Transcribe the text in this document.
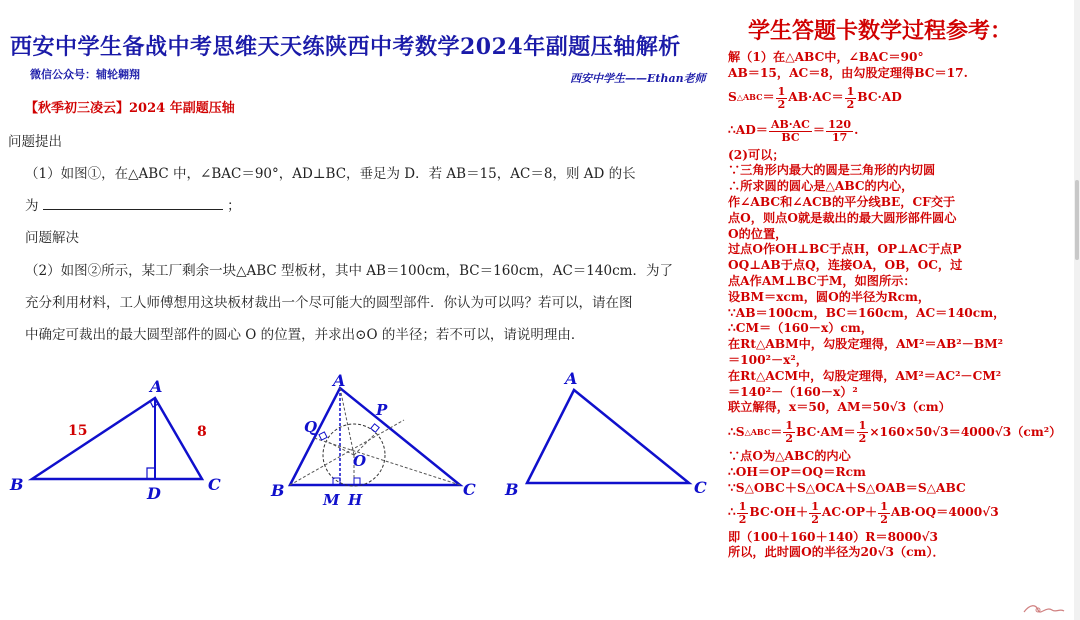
西安中学生备战中考思维天天练陕西中考数学2024年副题压轴解析
微信公众号：辅轮翱翔	西安中学生——Ethan老师
【秋季初三凌云】2024 年副题压轴
问题提出
（1）如图①，在△ABC 中，∠BAC＝90°，AD⊥BC，垂足为 D．若 AB＝15，AC＝8，则 AD 的长
为	；
问题解决
（2）如图②所示，某工厂剩余一块△ABC 型板材，其中 AB＝100cm，BC＝160cm，AC＝140cm．为了
充分利用材料，工人师傅想用这块板材裁出一个尽可能大的圆型部件．你认为可以吗？若可以，请在图
中确定可裁出的最大圆型部件的圆心 O 的位置，并求出⊙O 的半径；若不可以，请说明理由．
A
B	C
D
15	8
A
B	C
O
P
Q
M H
A
B	C
学生答题卡数学过程参考：
解（1）在△ABC中，∠BAC＝90°
AB＝15，AC＝8，由勾股定理得BC＝17.
S △ABC ＝ $\frac{1}{2} AB\cdot AC= \frac{1}{2} BC\cdot AD$
∴AD＝ $\frac{AB\cdot AC}{BC} = \frac{120}{17}$ .
(2)可以；
∵三角形内最大的圆是三角形的内切圆
∴所求圆的圆心是△ABC的内心，
作∠ABC和∠ACB的平分线BE，CF交于
点O，则点O就是裁出的最大圆形部件圆心
O的位置，
过点O作OH⊥BC于点H，OP⊥AC于点P
OQ⊥AB于点Q，连接OA，OB，OC，过
点A作AM⊥BC于M，如图所示：
设BM＝xcm，圆O的半径为Rcm，
∵AB＝100cm，BC＝160cm，AC＝140cm，
∴CM＝（160－x）cm，
在Rt△ABM中，勾股定理得，AM²＝AB²－BM²
＝100²－x²，
在Rt△ACM中，勾股定理得，AM²＝AC²－CM²
＝140²－（160－x）²
联立解得，x＝50，AM＝50√3（cm）
∴S △ABC ＝ $\frac{1}{2} BC\cdot AM= \frac{1}{2} \times 160\times 50√3=4000√3(cm^2)$
∵点O为△ABC的内心
∴OH＝OP＝OQ＝Rcm
∵S△OBC＋S△OCA＋S△OAB＝S△ABC
∴ $\frac{1}{2} BC\cdot OH+ \frac{1}{2} AC\cdot OP+ \frac{1}{2} AB\cdot OQ=4000√3$
即（100＋160＋140）R＝8000√3
所以，此时圆O的半径为20√3（cm）．
